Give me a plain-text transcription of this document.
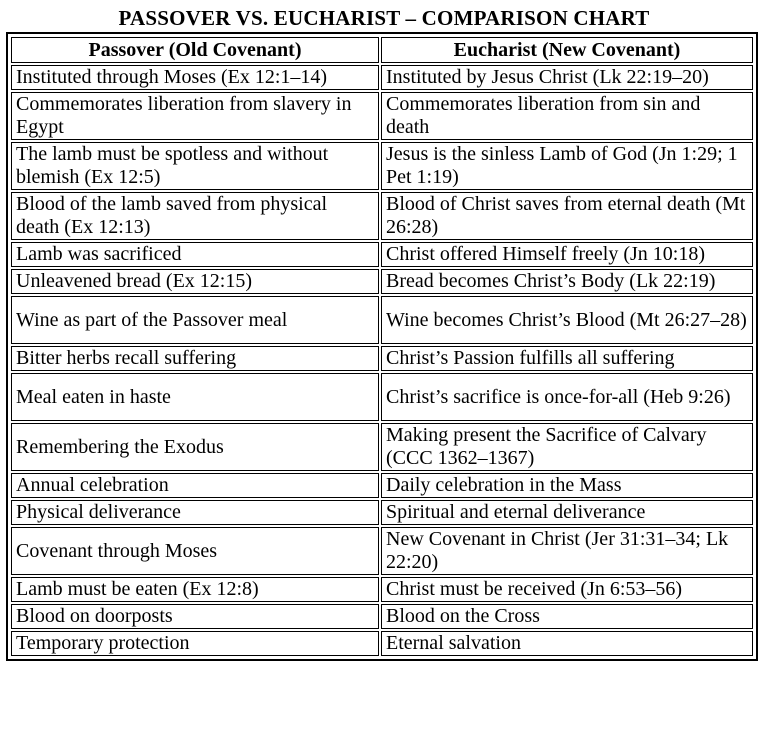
PASSOVER VS. EUCHARIST – COMPARISON CHART
Passover (Old Covenant)	Eucharist (New Covenant)
Instituted through Moses (Ex 12:1–14)	Instituted by Jesus Christ (Lk 22:19–20)
Commemorates liberation from slavery in Egypt	Commemorates liberation from sin and death
The lamb must be spotless and without blemish (Ex 12:5)	Jesus is the sinless Lamb of God (Jn 1:29; 1 Pet 1:19)
Blood of the lamb saved from physical death (Ex 12:13)	Blood of Christ saves from eternal death (Mt 26:28)
Lamb was sacrificed	Christ offered Himself freely (Jn 10:18)
Unleavened bread (Ex 12:15)	Bread becomes Christ’s Body (Lk 22:19)
Wine as part of the Passover meal	Wine becomes Christ’s Blood (Mt 26:27–28)
Bitter herbs recall suffering	Christ’s Passion fulfills all suffering
Meal eaten in haste	Christ’s sacrifice is once-for-all (Heb 9:26)
Remembering the Exodus	Making present the Sacrifice of Calvary (CCC 1362–1367)
Annual celebration	Daily celebration in the Mass
Physical deliverance	Spiritual and eternal deliverance
Covenant through Moses	New Covenant in Christ (Jer 31:31–34; Lk 22:20)
Lamb must be eaten (Ex 12:8)	Christ must be received (Jn 6:53–56)
Blood on doorposts	Blood on the Cross
Temporary protection	Eternal salvation
